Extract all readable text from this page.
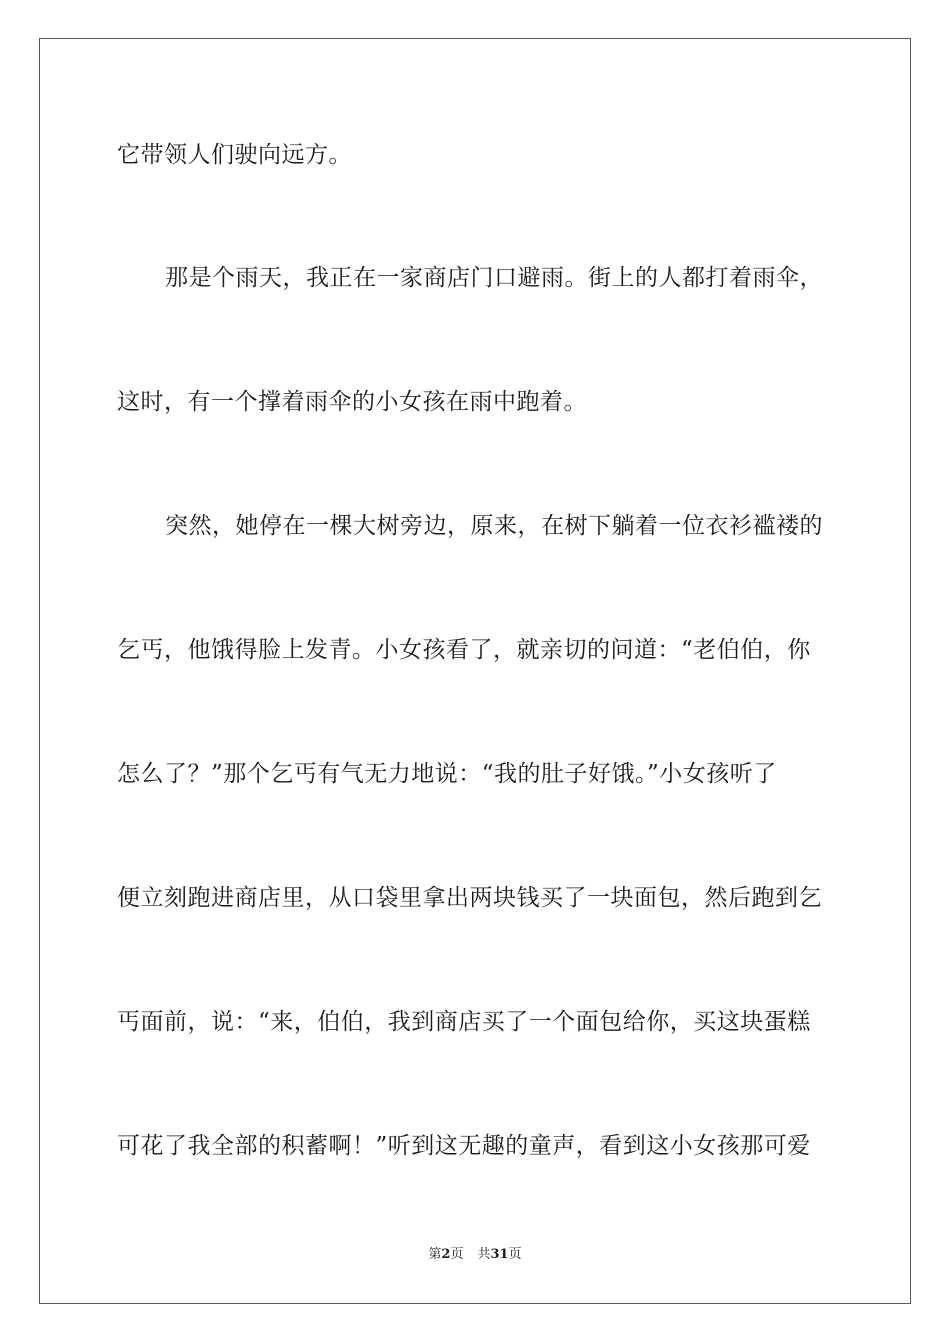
它带领人们驶向远方。
那是个雨天，我正在一家商店门口避雨。街上的人都打着雨伞，
这时，有一个撑着雨伞的小女孩在雨中跑着。
突然，她停在一棵大树旁边，原来，在树下躺着一位衣衫褴褛的
乞丐，他饿得脸上发青。小女孩看了，就亲切的问道：“老伯伯，你
怎么了？”那个乞丐有气无力地说：“我的肚子好饿。”小女孩听了
便立刻跑进商店里，从口袋里拿出两块钱买了一块面包，然后跑到乞
丐面前，说：“来，伯伯，我到商店买了一个面包给你，买这块蛋糕
可花了我全部的积蓄啊！”听到这无趣的童声，看到这小女孩那可爱
第2页 共31页
